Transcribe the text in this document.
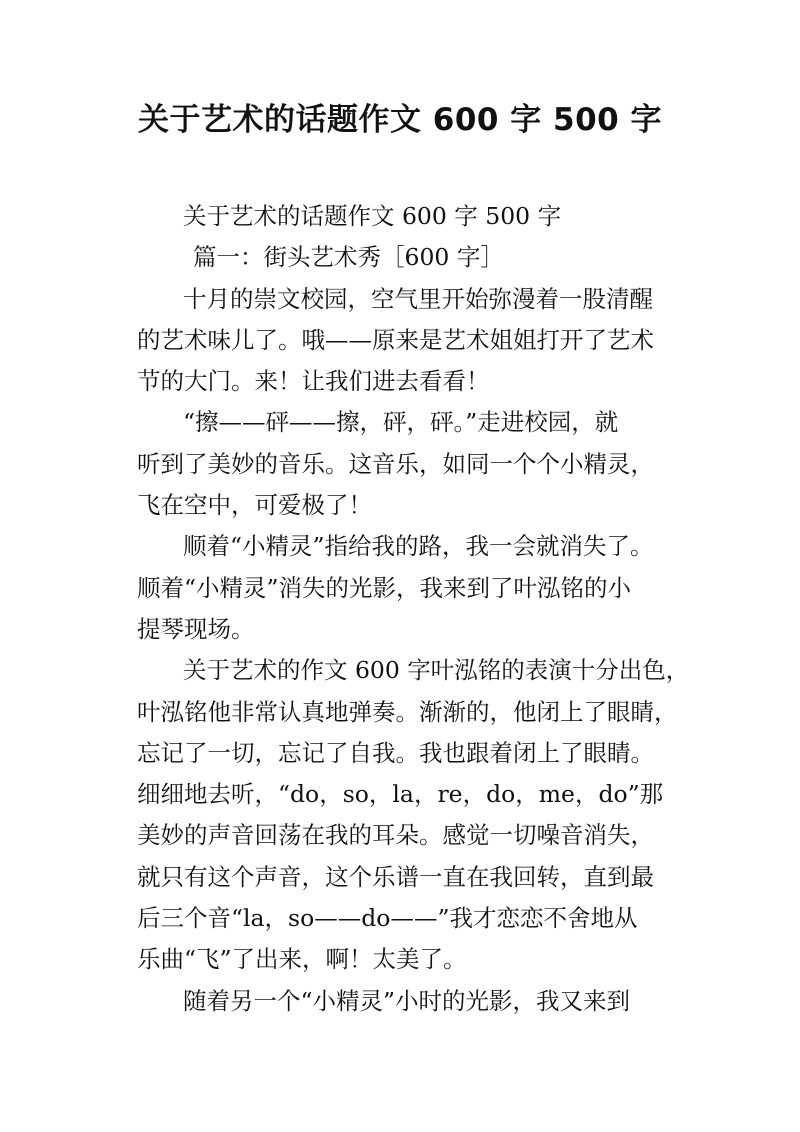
关于艺术的话题作文 600 字 500 字
关于艺术的话题作文 600 字 500 字
篇一：街头艺术秀［600 字］
十月的崇文校园，空气里开始弥漫着一股清醒
的艺术味儿了。哦——原来是艺术姐姐打开了艺术
节的大门。来！让我们进去看看！
“擦——砰——擦，砰，砰。”走进校园，就
听到了美妙的音乐。这音乐，如同一个个小精灵，
飞在空中，可爱极了！
顺着“小精灵”指给我的路，我一会就消失了。
顺着“小精灵”消失的光影，我来到了叶泓铭的小
提琴现场。
关于艺术的作文 600 字叶泓铭的表演十分出色，
叶泓铭他非常认真地弹奏。渐渐的，他闭上了眼睛，
忘记了一切，忘记了自我。我也跟着闭上了眼睛。
细细地去听，“do，so，la，re，do，me，do”那
美妙的声音回荡在我的耳朵。感觉一切噪音消失，
就只有这个声音，这个乐谱一直在我回转，直到最
后三个音“la，so——do——”我才恋恋不舍地从
乐曲“飞”了出来，啊！太美了。
随着另一个“小精灵”小时的光影，我又来到
